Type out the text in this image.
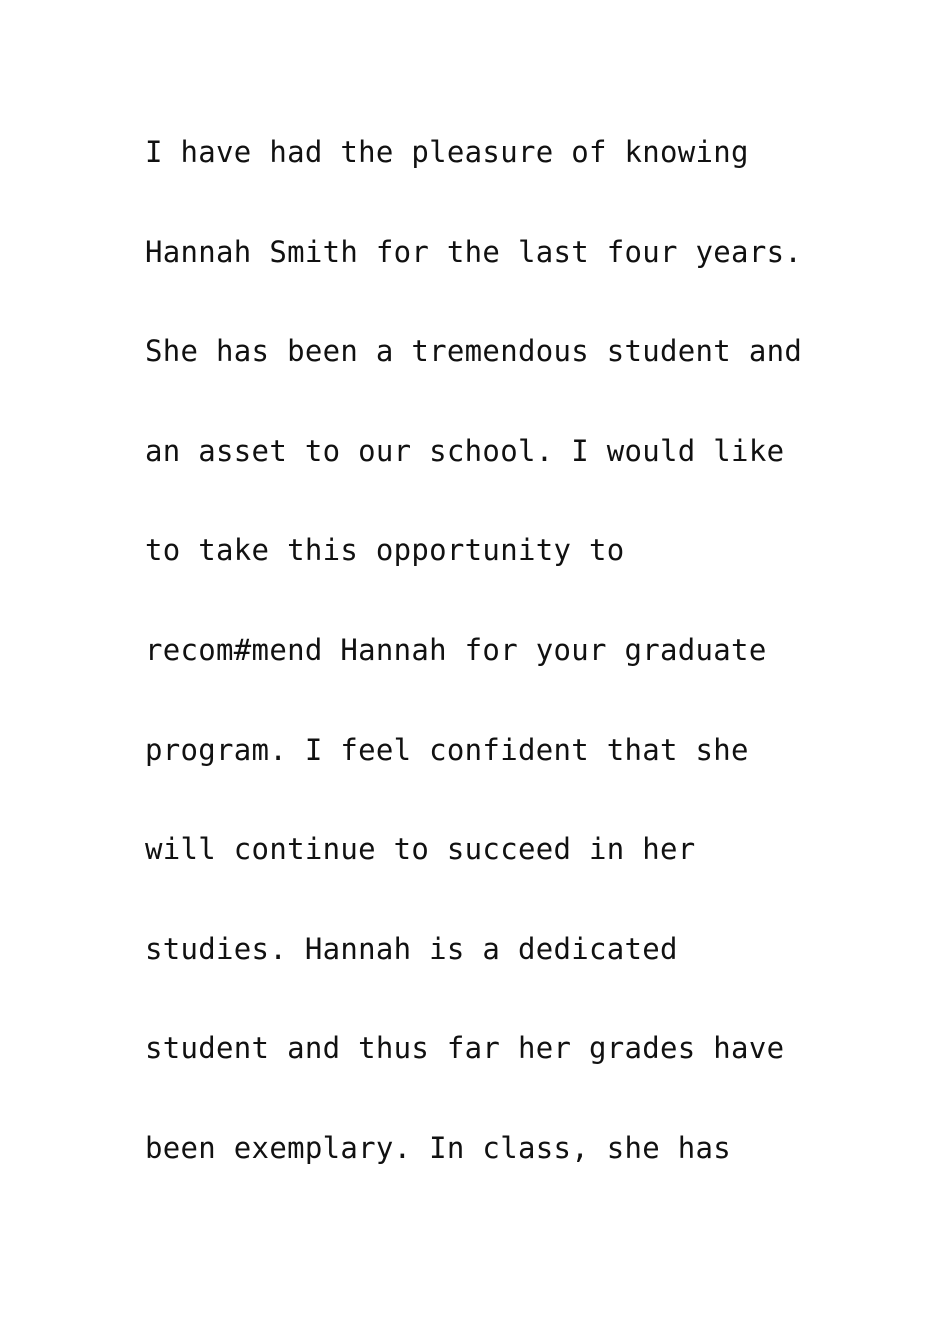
I have had the pleasure of knowing
Hannah Smith for the last four years.
She has been a tremendous student and
an asset to our school. I would like
to take this opportunity to
recom#mend Hannah for your graduate
program. I feel confident that she
will continue to succeed in her
studies. Hannah is a dedicated
student and thus far her grades have
been exemplary. In class, she has
